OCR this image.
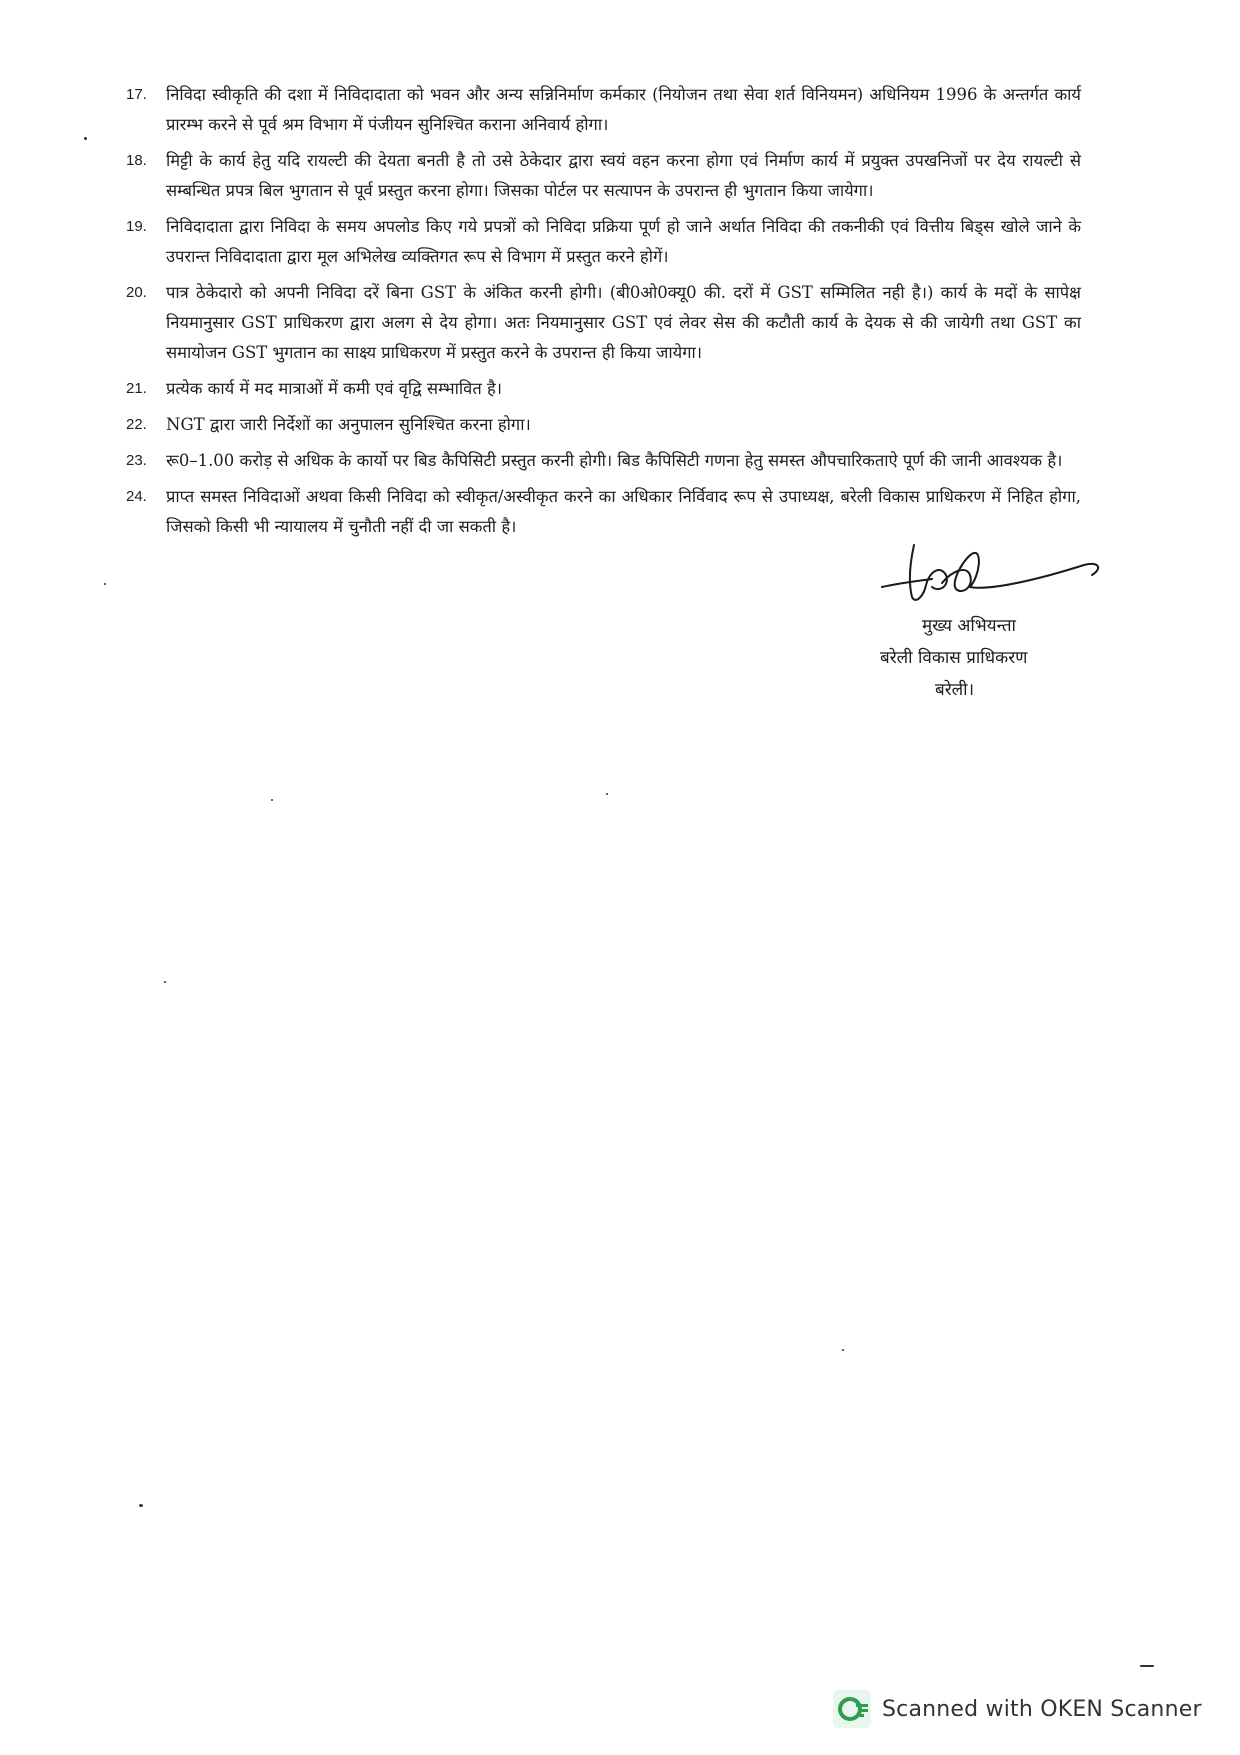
17.	निविदा स्वीकृति की दशा में निविदादाता को भवन और अन्य सन्निनिर्माण कर्मकार (नियोजन तथा सेवा शर्त विनियमन) अधिनियम 1996 के अन्तर्गत कार्य प्रारम्भ करने से पूर्व श्रम विभाग में पंजीयन सुनिश्चित कराना अनिवार्य होगा।
18.	मिट्टी के कार्य हेतु यदि रायल्टी की देयता बनती है तो उसे ठेकेदार द्वारा स्वयं वहन करना होगा एवं निर्माण कार्य में प्रयुक्त उपखनिजों पर देय रायल्टी से सम्बन्धित प्रपत्र बिल भुगतान से पूर्व प्रस्तुत करना होगा। जिसका पोर्टल पर सत्यापन के उपरान्त ही भुगतान किया जायेगा।
19.	निविदादाता द्वारा निविदा के समय अपलोड किए गये प्रपत्रों को निविदा प्रक्रिया पूर्ण हो जाने अर्थात निविदा की तकनीकी एवं वित्तीय बिड्स खोले जाने के उपरान्त निविदादाता द्वारा मूल अभिलेख व्यक्तिगत रूप से विभाग में प्रस्तुत करने होगें।
20.	पात्र ठेकेदारो को अपनी निविदा दरें बिना GST के अंकित करनी होगी। (बी0ओ0क्यू0 की. दरों में GST सम्मिलित नही है।) कार्य के मदों के सापेक्ष नियमानुसार GST प्राधिकरण द्वारा अलग से देय होगा। अतः नियमानुसार GST एवं लेवर सेस की कटौती कार्य के देयक से की जायेगी तथा GST का समायोजन GST भुगतान का साक्ष्य प्राधिकरण में प्रस्तुत करने के उपरान्त ही किया जायेगा।
21.	प्रत्येक कार्य में मद मात्राओं में कमी एवं वृद्वि सम्भावित है।
22.	NGT द्वारा जारी निर्देशों का अनुपालन सुनिश्चित करना होगा।
23.	रू0–1.00 करोड़ से अधिक के कार्यो पर बिड कैपिसिटी प्रस्तुत करनी होगी। बिड कैपिसिटी गणना हेतु समस्त औपचारिकताऐ पूर्ण की जानी आवश्यक है।
24.	प्राप्त समस्त निविदाओं अथवा किसी निविदा को स्वीकृत/अस्वीकृत करने का अधिकार निर्विवाद रूप से उपाध्यक्ष, बरेली विकास प्राधिकरण में निहित होगा, जिसको किसी भी न्यायालय में चुनौती नहीं दी जा सकती है।
मुख्य अभियन्ता
बरेली विकास प्राधिकरण
बरेली।
Scanned with OKEN Scanner
